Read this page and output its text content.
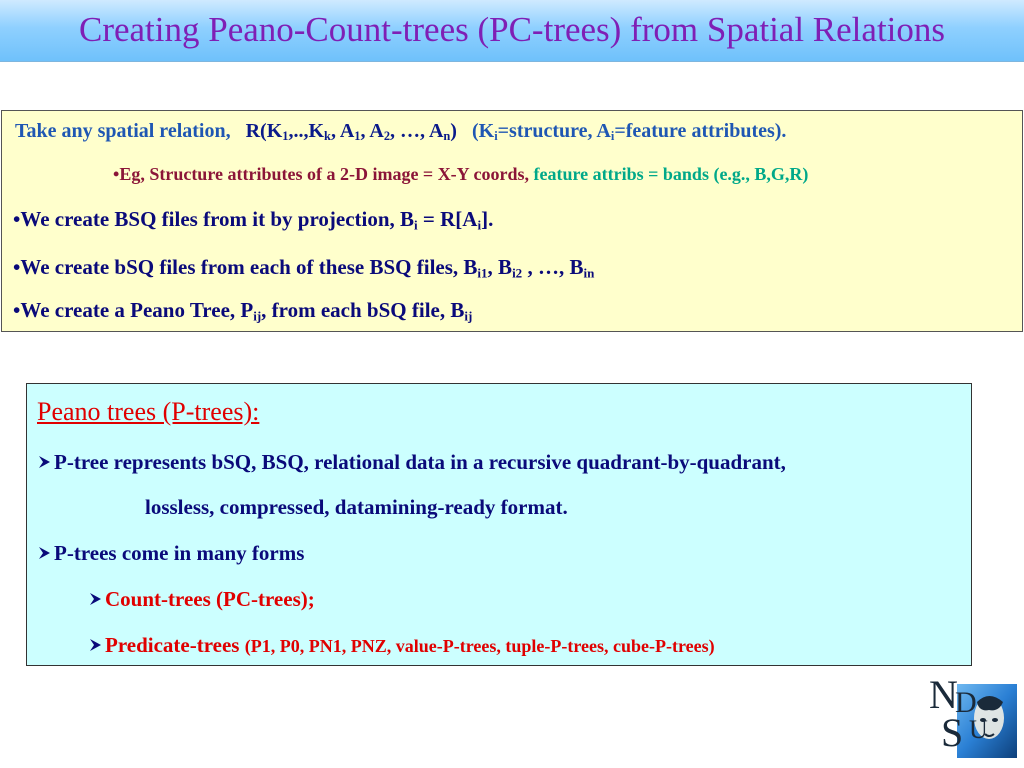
Creating Peano-Count-trees (PC-trees) from Spatial Relations
Take any spatial relation, $R(K_1,..,K_k$, $A_1$, $A_2$, …, $A_n$) ($K_i=structure$, $A_i=feature$ attributes).
•Eg, Structure attributes of a 2-D image = X-Y coords, feature attribs = bands (e.g., B,G,R)
•We create BSQ files from it by projection, $B_i = R[A_i]$.
•We create bSQ files from each of these BSQ files, $B_{i1}$, $B_{i2}$ , …, $B_{in}$
•We create a Peano Tree, $P_{ij}$, from each bSQ file, $B_{ij}$
Peano trees (P-trees):
P-tree represents bSQ, BSQ, relational data in a recursive quadrant-by-quadrant,
lossless, compressed, datamining-ready format.
P-trees come in many forms
Count-trees (PC-trees);
Predicate-trees (P1, P0, PN1, PNZ, value-P-trees, tuple-P-trees, cube-P-trees)
N
D
S U
